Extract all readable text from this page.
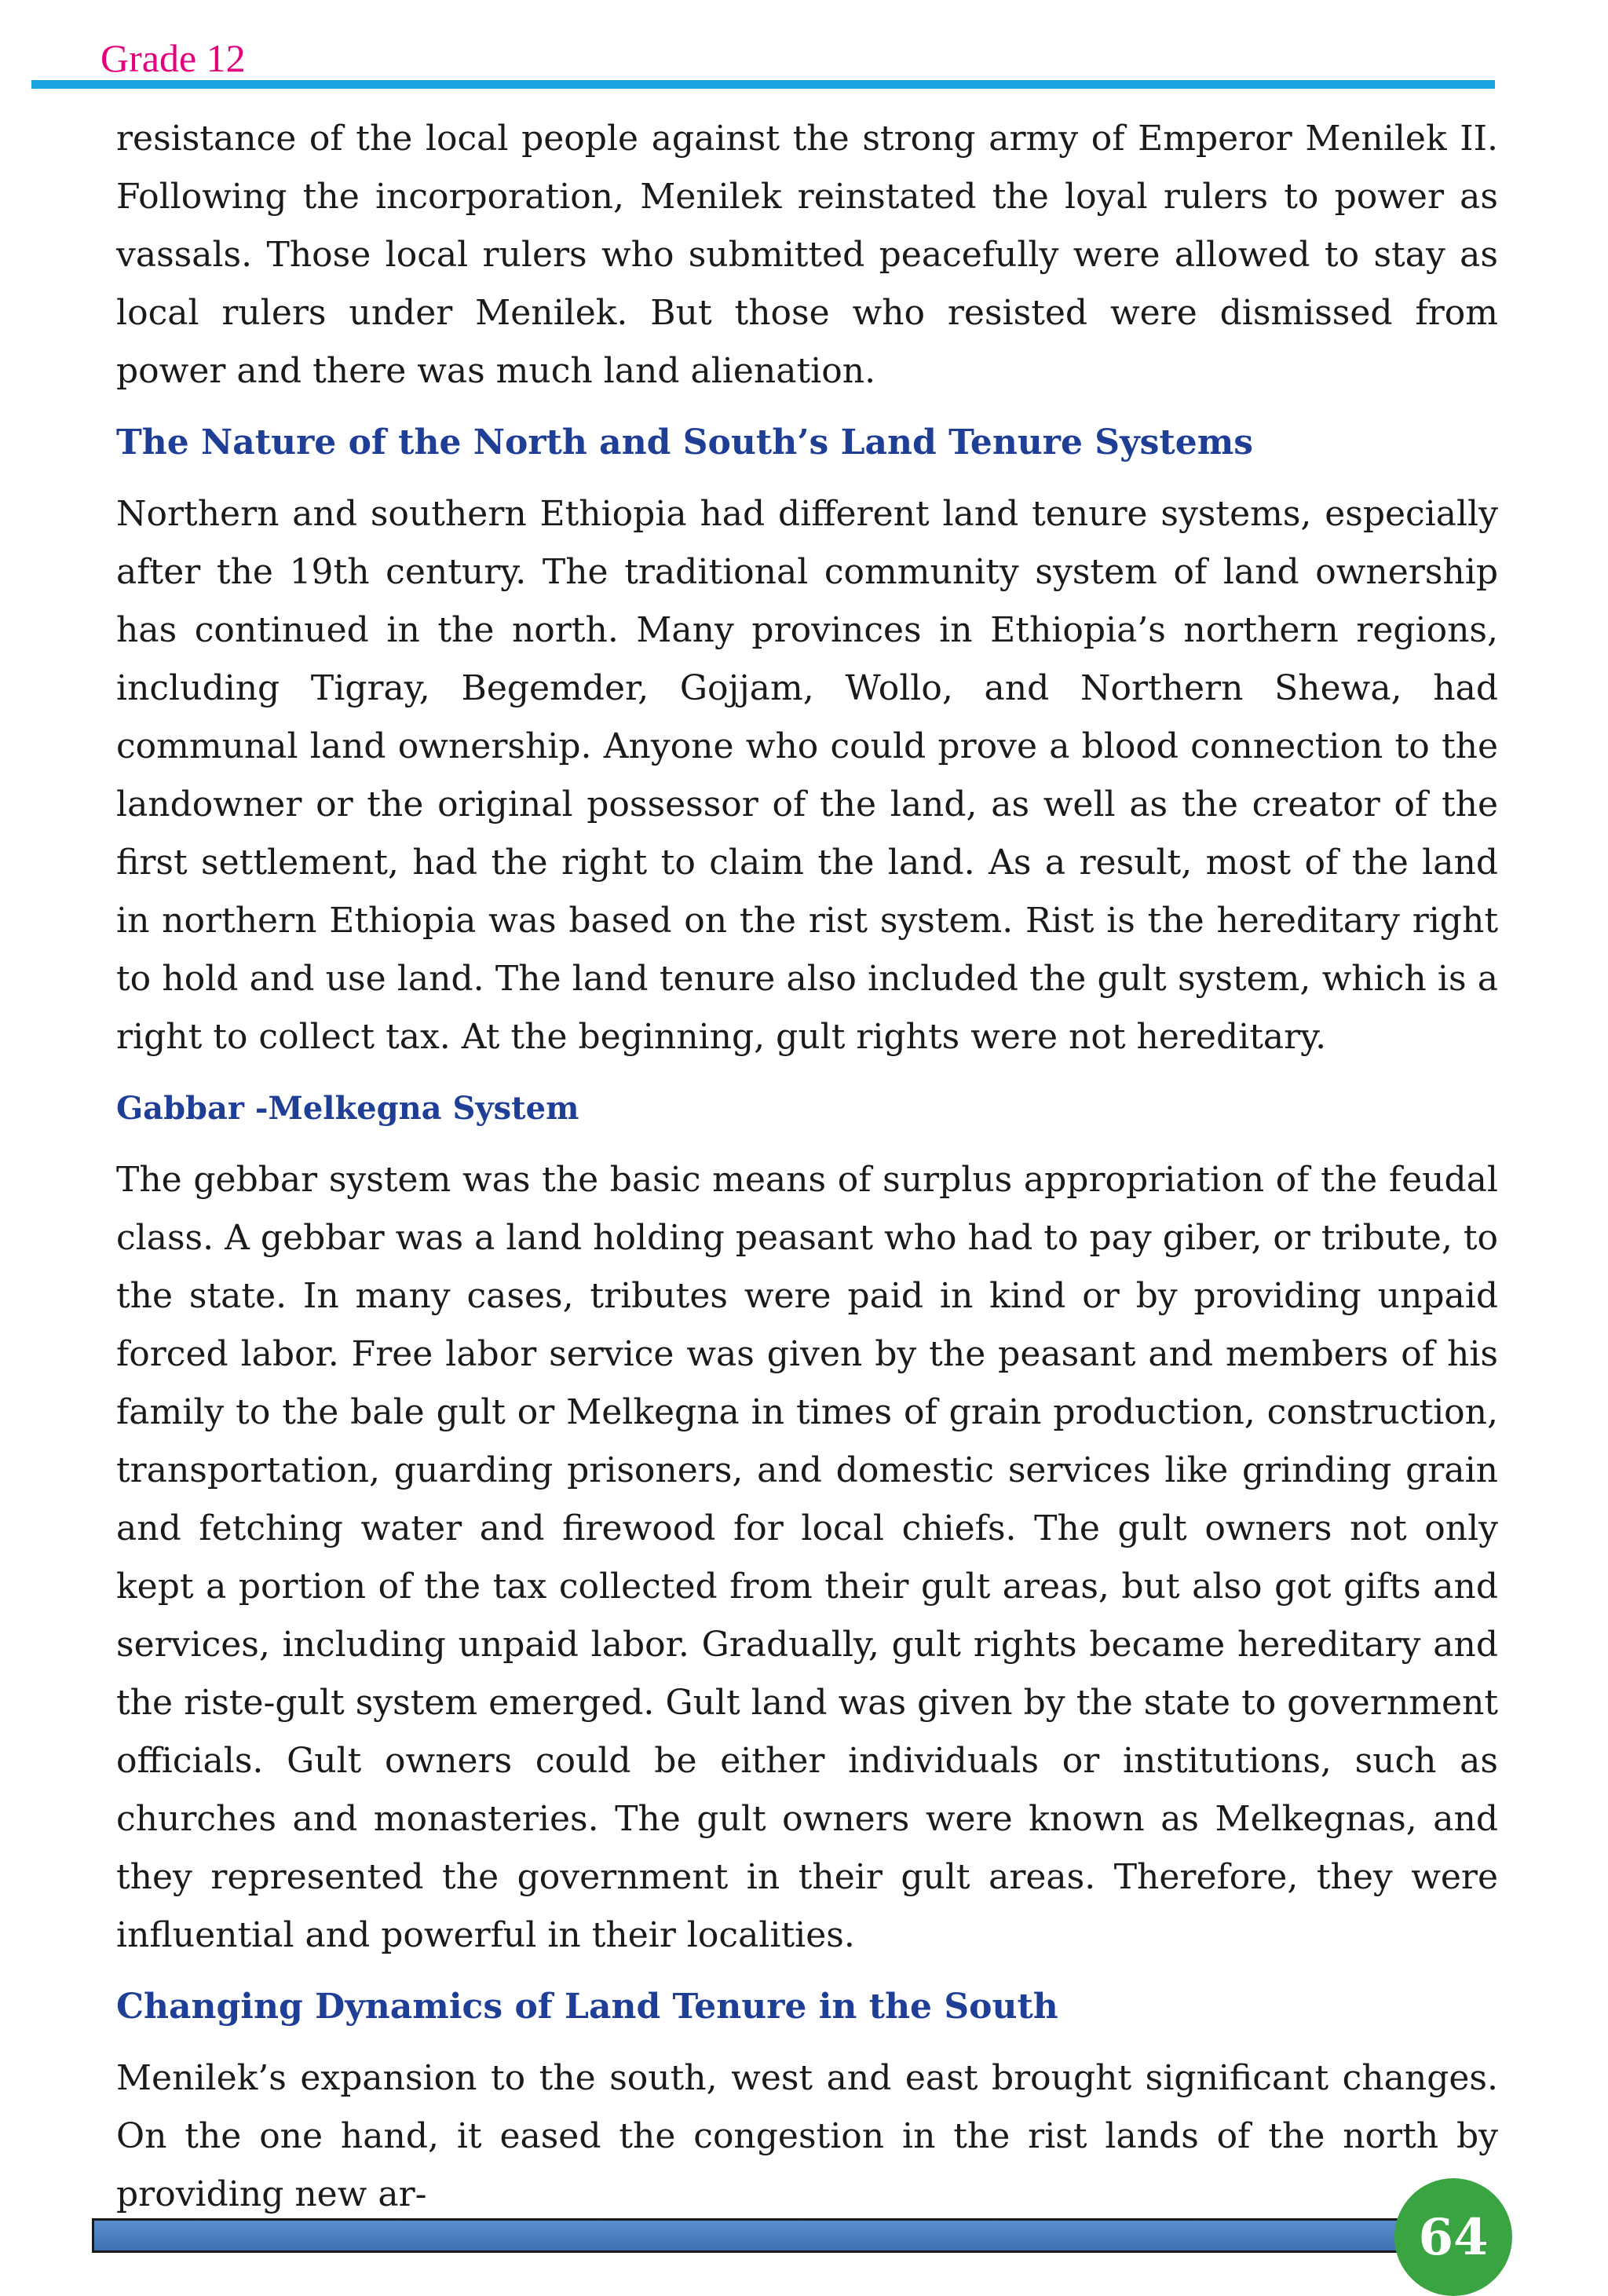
Grade 12

resistance of the local people against the strong army of Emperor Menilek II. Following the incorporation, Menilek reinstated the loyal rulers to power as vassals. Those local rulers who submitted peacefully were allowed to stay as local rulers under Menilek. But those who resisted were dismissed from power and there was much land alienation.

The Nature of the North and South’s Land Tenure Systems

Northern and southern Ethiopia had different land tenure systems, especially after the 19th century. The traditional community system of land ownership has continued in the north. Many provinces in Ethiopia’s northern regions, including Tigray, Begemder, Gojjam, Wollo, and Northern Shewa, had communal land ownership. Anyone who could prove a blood connection to the landowner or the original possessor of the land, as well as the creator of the first settlement, had the right to claim the land. As a result, most of the land in northern Ethiopia was based on the rist system. Rist is the hereditary right to hold and use land. The land tenure also included the gult system, which is a right to collect tax. At the beginning, gult rights were not hereditary.

Gabbar -Melkegna System

The gebbar system was the basic means of surplus appropriation of the feudal class. A gebbar was a land holding peasant who had to pay giber, or tribute, to the state. In many cases, tributes were paid in kind or by providing unpaid forced labor. Free labor service was given by the peasant and members of his family to the bale gult or Melkegna in times of grain production, construction, transportation, guarding prisoners, and domestic services like grinding grain and fetching water and firewood for local chiefs. The gult owners not only kept a portion of the tax collected from their gult areas, but also got gifts and services, including unpaid labor. Gradually, gult rights became hereditary and the riste-gult system emerged. Gult land was given by the state to government officials. Gult owners could be either individuals or institutions, such as churches and monasteries. The gult owners were known as Melkegnas, and they represented the government in their gult areas. Therefore, they were influential and powerful in their localities.

Changing Dynamics of Land Tenure in the South

Menilek’s expansion to the south, west and east brought significant changes. On the one hand, it eased the congestion in the rist lands of the north by providing new ar-

64
